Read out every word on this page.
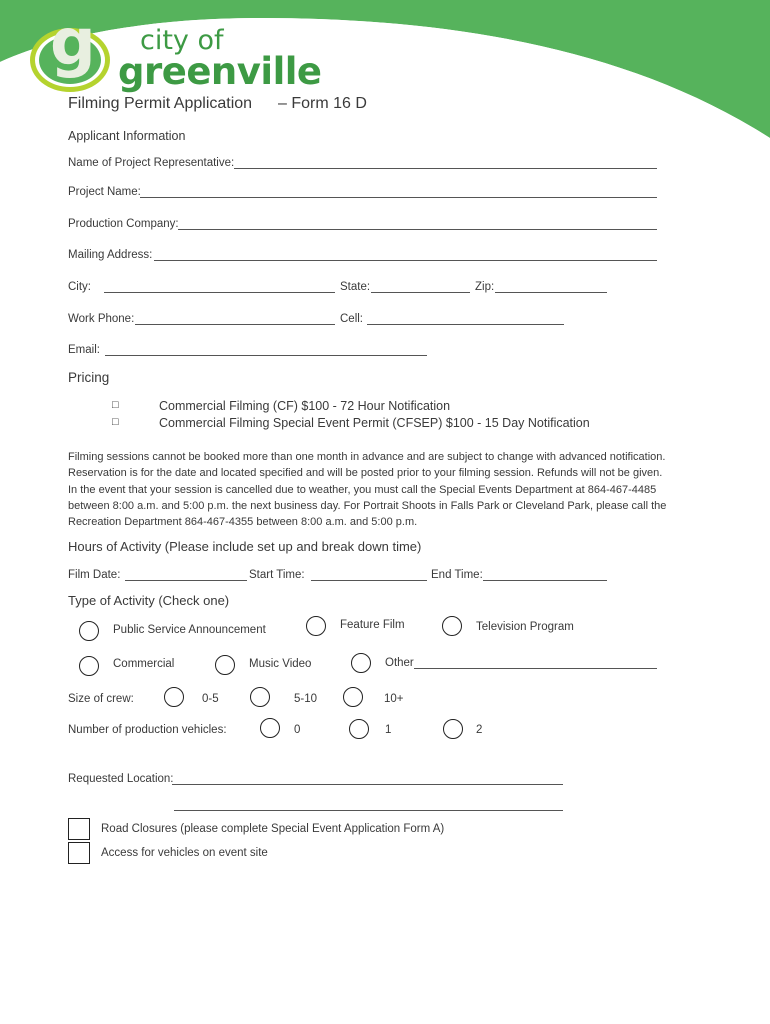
g city of
greenville
Filming Permit Application – Form 16 D
Applicant Information
Name of Project Representative:
Project Name:
Production Company:
Mailing Address:
City:	State:	Zip:
Work Phone:	Cell:
Email:
Pricing
□	Commercial Filming (CF) $100 - 72 Hour Notification
□	Commercial Filming Special Event Permit (CFSEP) $100 - 15 Day Notification
Filming sessions cannot be booked more than one month in advance and are subject to change with advanced notification.
Reservation is for the date and located specified and will be posted prior to your filming session. Refunds will not be given.
In the event that your session is cancelled due to weather, you must call the Special Events Department at 864-467-4485
between 8:00 a.m. and 5:00 p.m. the next business day. For Portrait Shoots in Falls Park or Cleveland Park, please call the
Recreation Department 864-467-4355 between 8:00 a.m. and 5:00 p.m.
Hours of Activity (Please include set up and break down time)
Film Date:	Start Time:	End Time:
Type of Activity (Check one)
Public Service Announcement	Feature Film	Television Program
Commercial	Music Video	Other
Size of crew:	0-5	5-10	10+
Number of production vehicles:	0	1	2
Requested Location:
Road Closures (please complete Special Event Application Form A)
Access for vehicles on event site
